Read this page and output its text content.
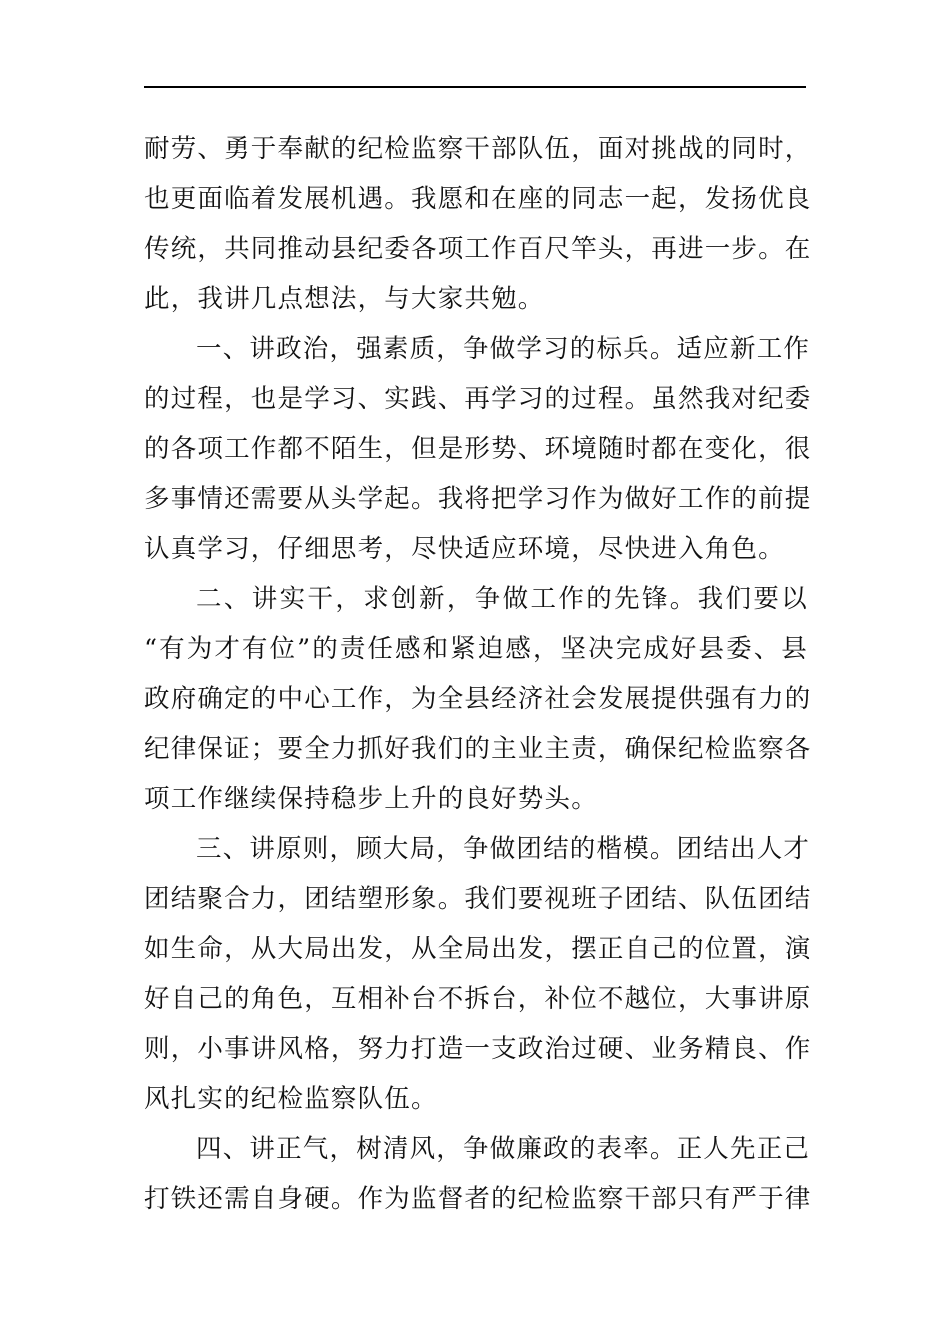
耐劳、勇于奉献的纪检监察干部队伍，面对挑战的同时，
也更面临着发展机遇。我愿和在座的同志一起，发扬优良
传统，共同推动县纪委各项工作百尺竿头，再进一步。在
此，我讲几点想法，与大家共勉。
一、讲政治，强素质，争做学习的标兵。适应新工作
的过程，也是学习、实践、再学习的过程。虽然我对纪委
的各项工作都不陌生，但是形势、环境随时都在变化，很
多事情还需要从头学起。我将把学习作为做好工作的前提
认真学习，仔细思考，尽快适应环境，尽快进入角色。
二、讲实干，求创新，争做工作的先锋。我们要以
“有为才有位”的责任感和紧迫感，坚决完成好县委、县
政府确定的中心工作，为全县经济社会发展提供强有力的
纪律保证；要全力抓好我们的主业主责，确保纪检监察各
项工作继续保持稳步上升的良好势头。
三、讲原则，顾大局，争做团结的楷模。团结出人才
团结聚合力，团结塑形象。我们要视班子团结、队伍团结
如生命，从大局出发，从全局出发，摆正自己的位置，演
好自己的角色，互相补台不拆台，补位不越位，大事讲原
则，小事讲风格，努力打造一支政治过硬、业务精良、作
风扎实的纪检监察队伍。
四、讲正气，树清风，争做廉政的表率。正人先正己
打铁还需自身硬。作为监督者的纪检监察干部只有严于律
